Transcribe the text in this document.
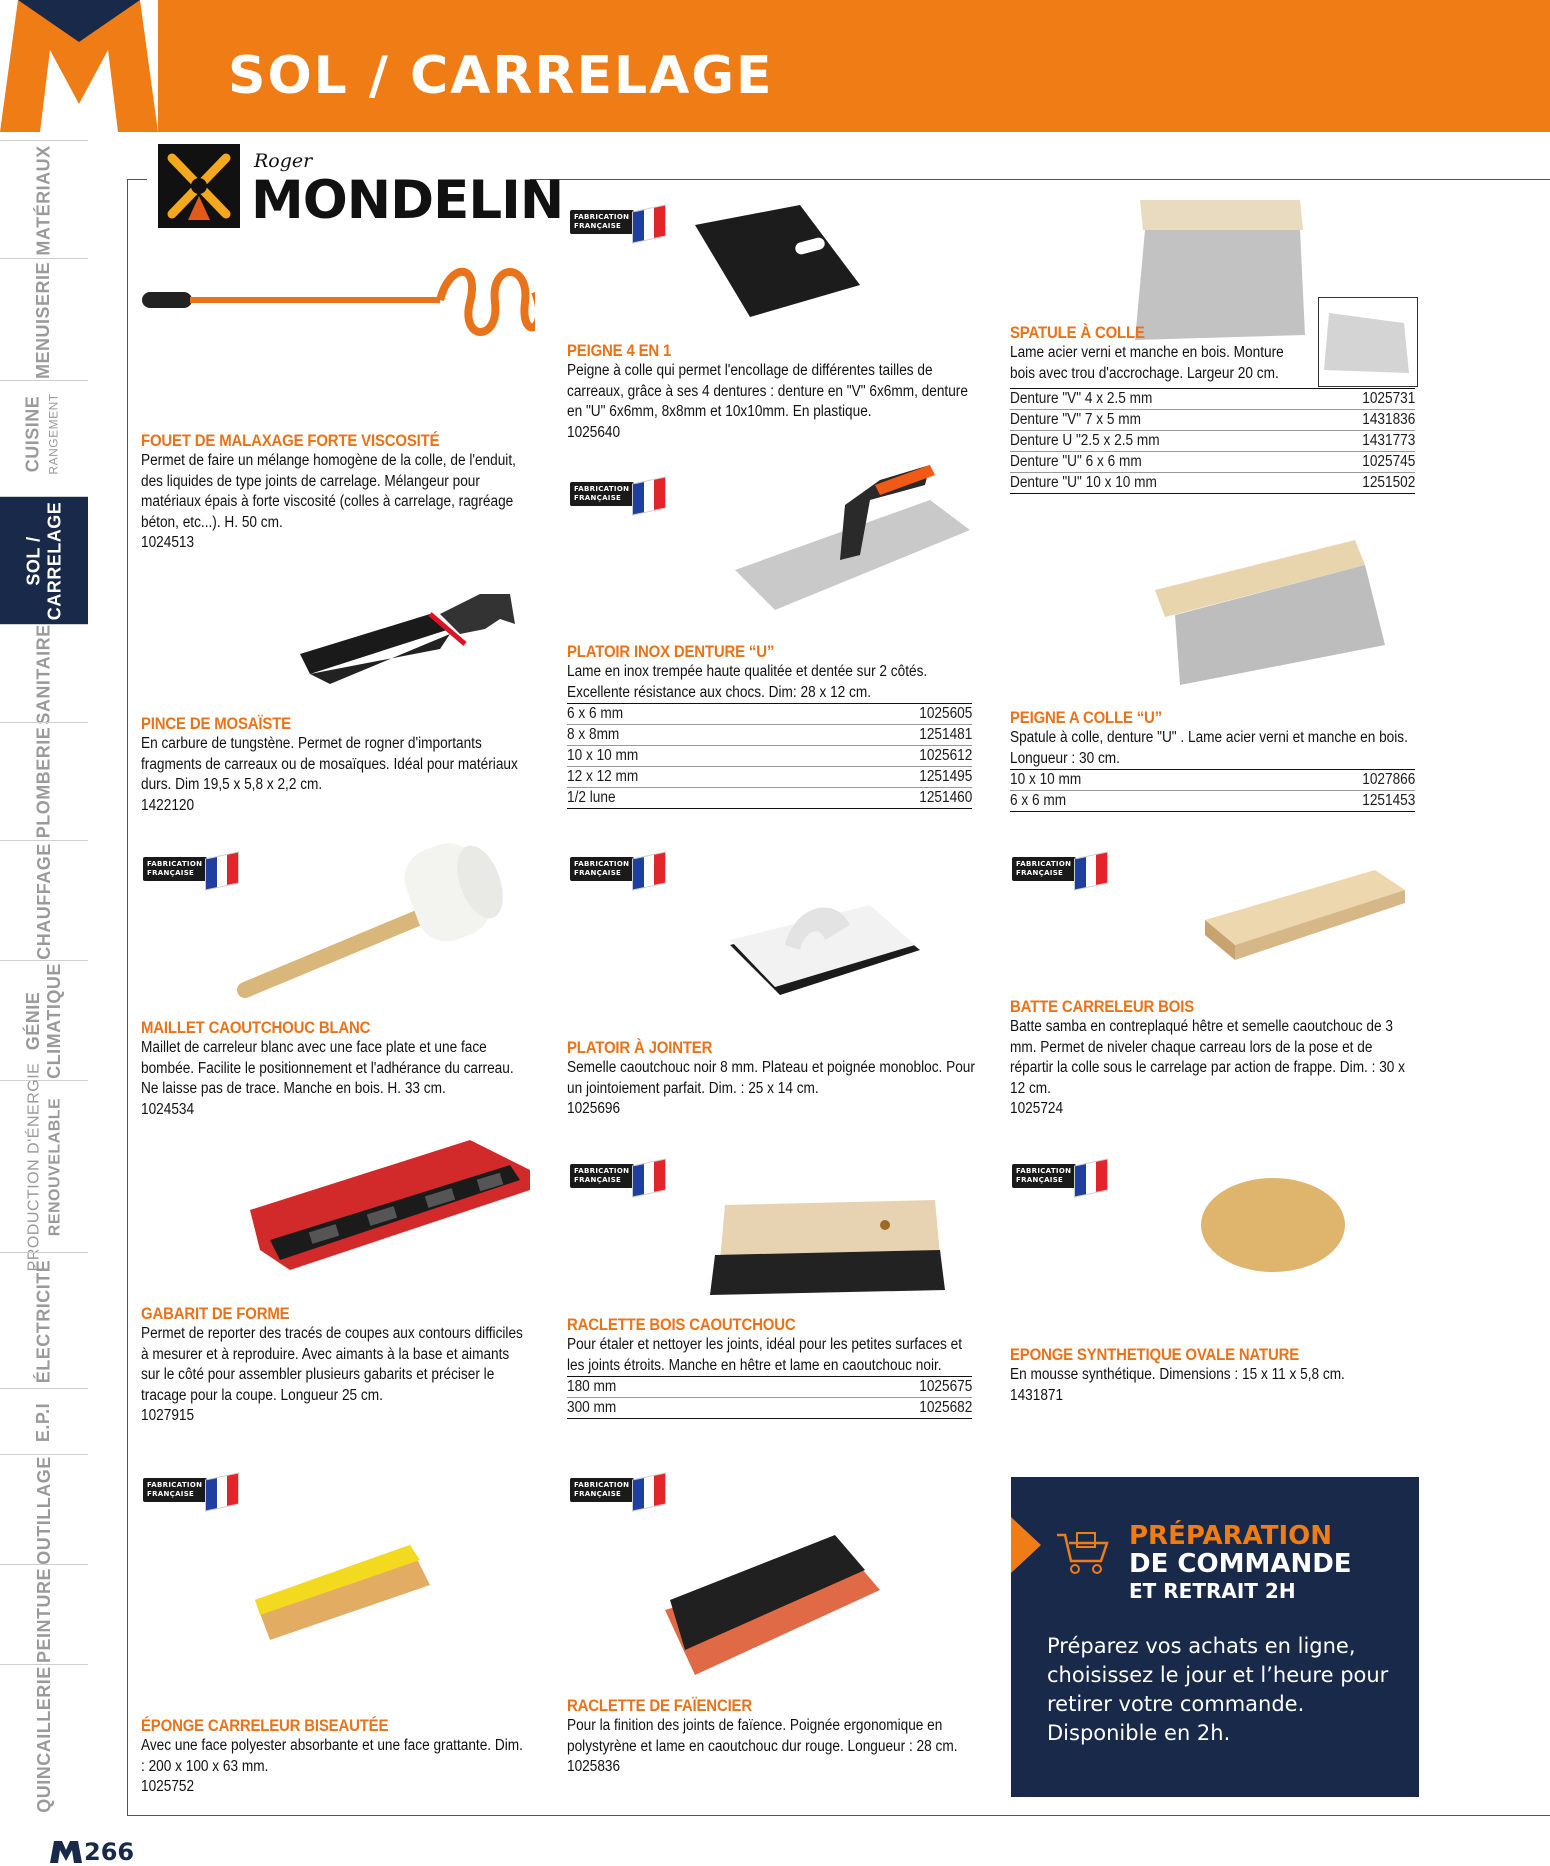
SOL / CARRELAGE
MATÉRIAUX
MENUISERIE
CUISINE RANGEMENT
SOL / CARRELAGE
SANITAIRE
PLOMBERIE
CHAUFFAGE
GÉNIE CLIMATIQUE
PRODUCTION D'ÉNERGIE RENOUVELABLE
ÉLECTRICITÉ
E.P.I
OUTILLAGE
PEINTURE
QUINCAILLERIE
Roger
MONDELIN
FOUET DE MALAXAGE FORTE VISCOSITÉ
Permet de faire un mélange homogène de la colle, de l'enduit, des liquides de type joints de carrelage. Mélangeur pour matériaux épais à forte viscosité (colles à carrelage, ragréage béton, etc...). H. 50 cm.
1024513
PINCE DE MOSAÏSTE
En carbure de tungstène. Permet de rogner d'importants fragments de carreaux ou de mosaïques. Idéal pour matériaux durs. Dim 19,5 x 5,8 x 2,2 cm.
1422120
FABRICATION
FRANÇAISE
MAILLET CAOUTCHOUC BLANC
Maillet de carreleur blanc avec une face plate et une face bombée. Facilite le positionnement et l'adhérance du carreau. Ne laisse pas de trace. Manche en bois. H. 33 cm.
1024534
GABARIT DE FORME
Permet de reporter des tracés de coupes aux contours difficiles à mesurer et à reproduire. Avec aimants à la base et aimants sur le côté pour assembler plusieurs gabarits et préciser le tracage pour la coupe. Longueur 25 cm.
1027915
FABRICATION
FRANÇAISE
ÉPONGE CARRELEUR BISEAUTÉE
Avec une face polyester absorbante et une face grattante. Dim. : 200 x 100 x 63 mm.
1025752
FABRICATION
FRANÇAISE
PEIGNE 4 EN 1
Peigne à colle qui permet l'encollage de différentes tailles de carreaux, grâce à ses 4 dentures : denture en "V" 6x6mm, denture en "U" 6x6mm, 8x8mm et 10x10mm. En plastique.
1025640
FABRICATION
FRANÇAISE
PLATOIR INOX DENTURE “U”
Lame en inox trempée haute qualitée et dentée sur 2 côtés. Excellente résistance aux chocs. Dim: 28 x 12 cm.
6 x 6 mm	1025605
8 x 8mm	1251481
10 x 10 mm	1025612
12 x 12 mm	1251495
1/2 lune	1251460
FABRICATION
FRANÇAISE
PLATOIR À JOINTER
Semelle caoutchouc noir 8 mm. Plateau et poignée monobloc. Pour un jointoiement parfait. Dim. : 25 x 14 cm.
1025696
FABRICATION
FRANÇAISE
RACLETTE BOIS CAOUTCHOUC
Pour étaler et nettoyer les joints, idéal pour les petites surfaces et les joints étroits. Manche en hêtre et lame en caoutchouc noir.
180 mm	1025675
300 mm	1025682
FABRICATION
FRANÇAISE
RACLETTE DE FAÏENCIER
Pour la finition des joints de faïence. Poignée ergonomique en polystyrène et lame en caoutchouc dur rouge. Longueur : 28 cm.
1025836
SPATULE À COLLE
Lame acier verni et manche en bois. Monture bois avec trou d'accrochage. Largeur 20 cm.
Denture "V" 4 x 2.5 mm	1025731
Denture "V" 7 x 5 mm	1431836
Denture U "2.5 x 2.5 mm	1431773
Denture "U" 6 x 6 mm	1025745
Denture "U" 10 x 10 mm	1251502
PEIGNE A COLLE “U”
Spatule à colle, denture "U" . Lame acier verni et manche en bois. Longueur : 30 cm.
10 x 10 mm	1027866
6 x 6 mm	1251453
FABRICATION
FRANÇAISE
BATTE CARRELEUR BOIS
Batte samba en contreplaqué hêtre et semelle caoutchouc de 3 mm. Permet de niveler chaque carreau lors de la pose et de répartir la colle sous le carrelage par action de frappe. Dim. : 30 x 12 cm.
1025724
FABRICATION
FRANÇAISE
EPONGE SYNTHETIQUE OVALE NATURE
En mousse synthétique. Dimensions : 15 x 11 x 5,8 cm.
1431871
PRÉPARATION
DE COMMANDE
ET RETRAIT 2H
Préparez vos achats en ligne, choisissez le jour et l’heure pour retirer votre commande. Disponible en 2h.
266
